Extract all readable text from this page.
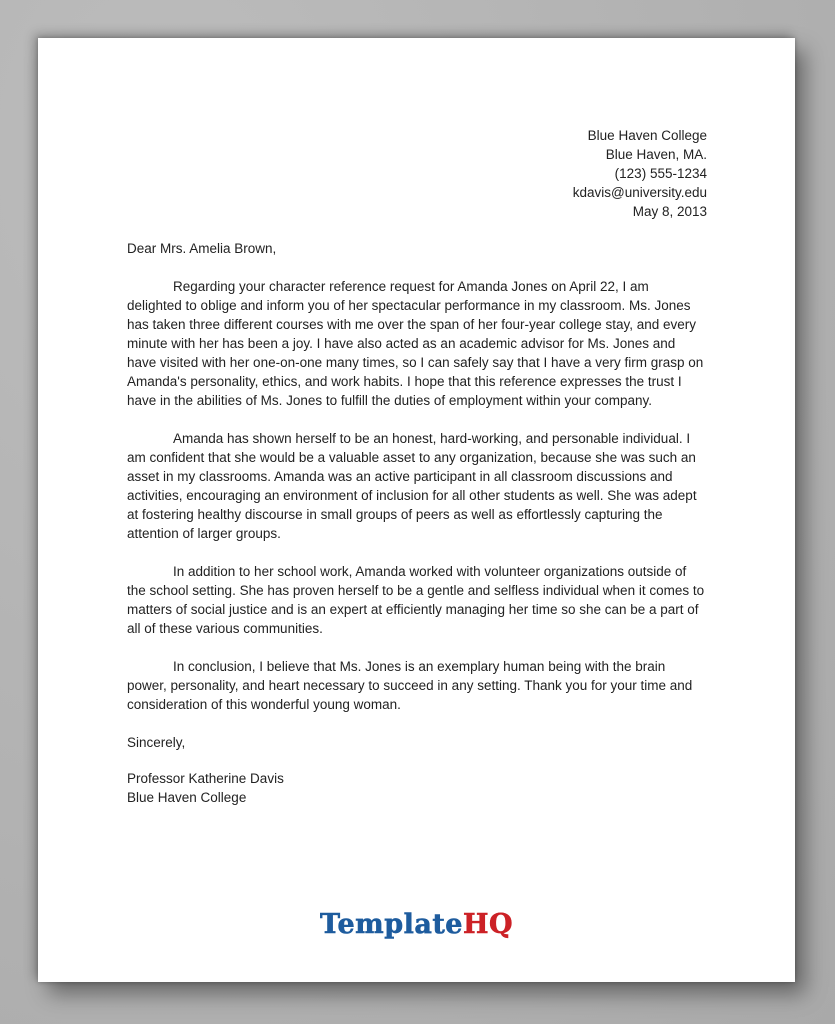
Blue Haven College
Blue Haven, MA.
(123) 555-1234
kdavis@university.edu
May 8, 2013
Dear Mrs. Amelia Brown,

Regarding your character reference request for Amanda Jones on April 22, I am delighted to oblige and inform you of her spectacular performance in my classroom. Ms. Jones has taken three different courses with me over the span of her four-year college stay, and every minute with her has been a joy. I have also acted as an academic advisor for Ms. Jones and have visited with her one-on-one many times, so I can safely say that I have a very firm grasp on Amanda's personality, ethics, and work habits. I hope that this reference expresses the trust I have in the abilities of Ms. Jones to fulfill the duties of employment within your company.

Amanda has shown herself to be an honest, hard-working, and personable individual. I am confident that she would be a valuable asset to any organization, because she was such an asset in my classrooms. Amanda was an active participant in all classroom discussions and activities, encouraging an environment of inclusion for all other students as well. She was adept at fostering healthy discourse in small groups of peers as well as effortlessly capturing the attention of larger groups.

In addition to her school work, Amanda worked with volunteer organizations outside of the school setting. She has proven herself to be a gentle and selfless individual when it comes to matters of social justice and is an expert at efficiently managing her time so she can be a part of all of these various communities.

In conclusion, I believe that Ms. Jones is an exemplary human being with the brain power, personality, and heart necessary to succeed in any setting. Thank you for your time and consideration of this wonderful young woman.

Sincerely,
Professor Katherine Davis
Blue Haven College
TemplateHQ
